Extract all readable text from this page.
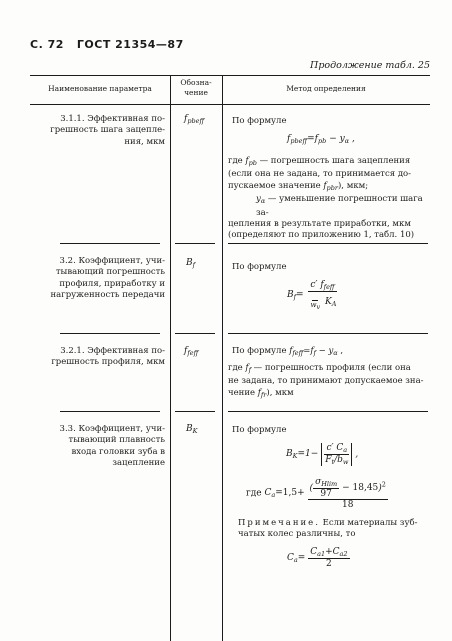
С. 72 ГОСТ 21354—87
Продолжение табл. 25
Наименование параметра
Обозна-
чение	Метод определения
3.1.1. Эффективная по-
грешность шага зацепле-
ния, мкм
$f_{pbeff}$	По формуле
$f_{pbeff}=f_{pb} - y_\alpha$ ,
где $f_{pb}$ — погрешность шага зацепления
(если она не задана, то принимается до-
пускаемое значение $f_{pbr}$), мкм;
$y_\alpha$ — уменьшение погрешности шага за-
цепления в результате приработки, мкм
(определяют по приложению 1, табл. 10)
3.2. Коэффициент, учи-
тывающий погрешность
профиля, приработку и
нагруженность передачи
$B_f$	По формуле
$B_f= \frac{c' f_{feff}}{wv K_A}$
3.2.1. Эффективная по-
грешность профиля, мкм
$f_{feff}$	По формуле $f_{feff}=f_f - y_\alpha$ ,
где $f_f$ — погрешность профиля (если она
не задана, то принимают допускаемое зна-
чение $f_{fr}$), мкм
3.3. Коэффициент, учи-
тывающий плавность
входа головки зуба в
зацепление
$B_K$	По формуле
$B_K=1- \frac{c' C_a}{F_t/b_w}$ ,
где $C_a=1,5+ \frac{( \frac{\sigma_{Hlim}}{97} - 18,45)^2}{18}$
Примечание. Если материалы зуб-
чатых колес различны, то
$C_a= \frac{C_{a1}+C_{a2}}{2}$
